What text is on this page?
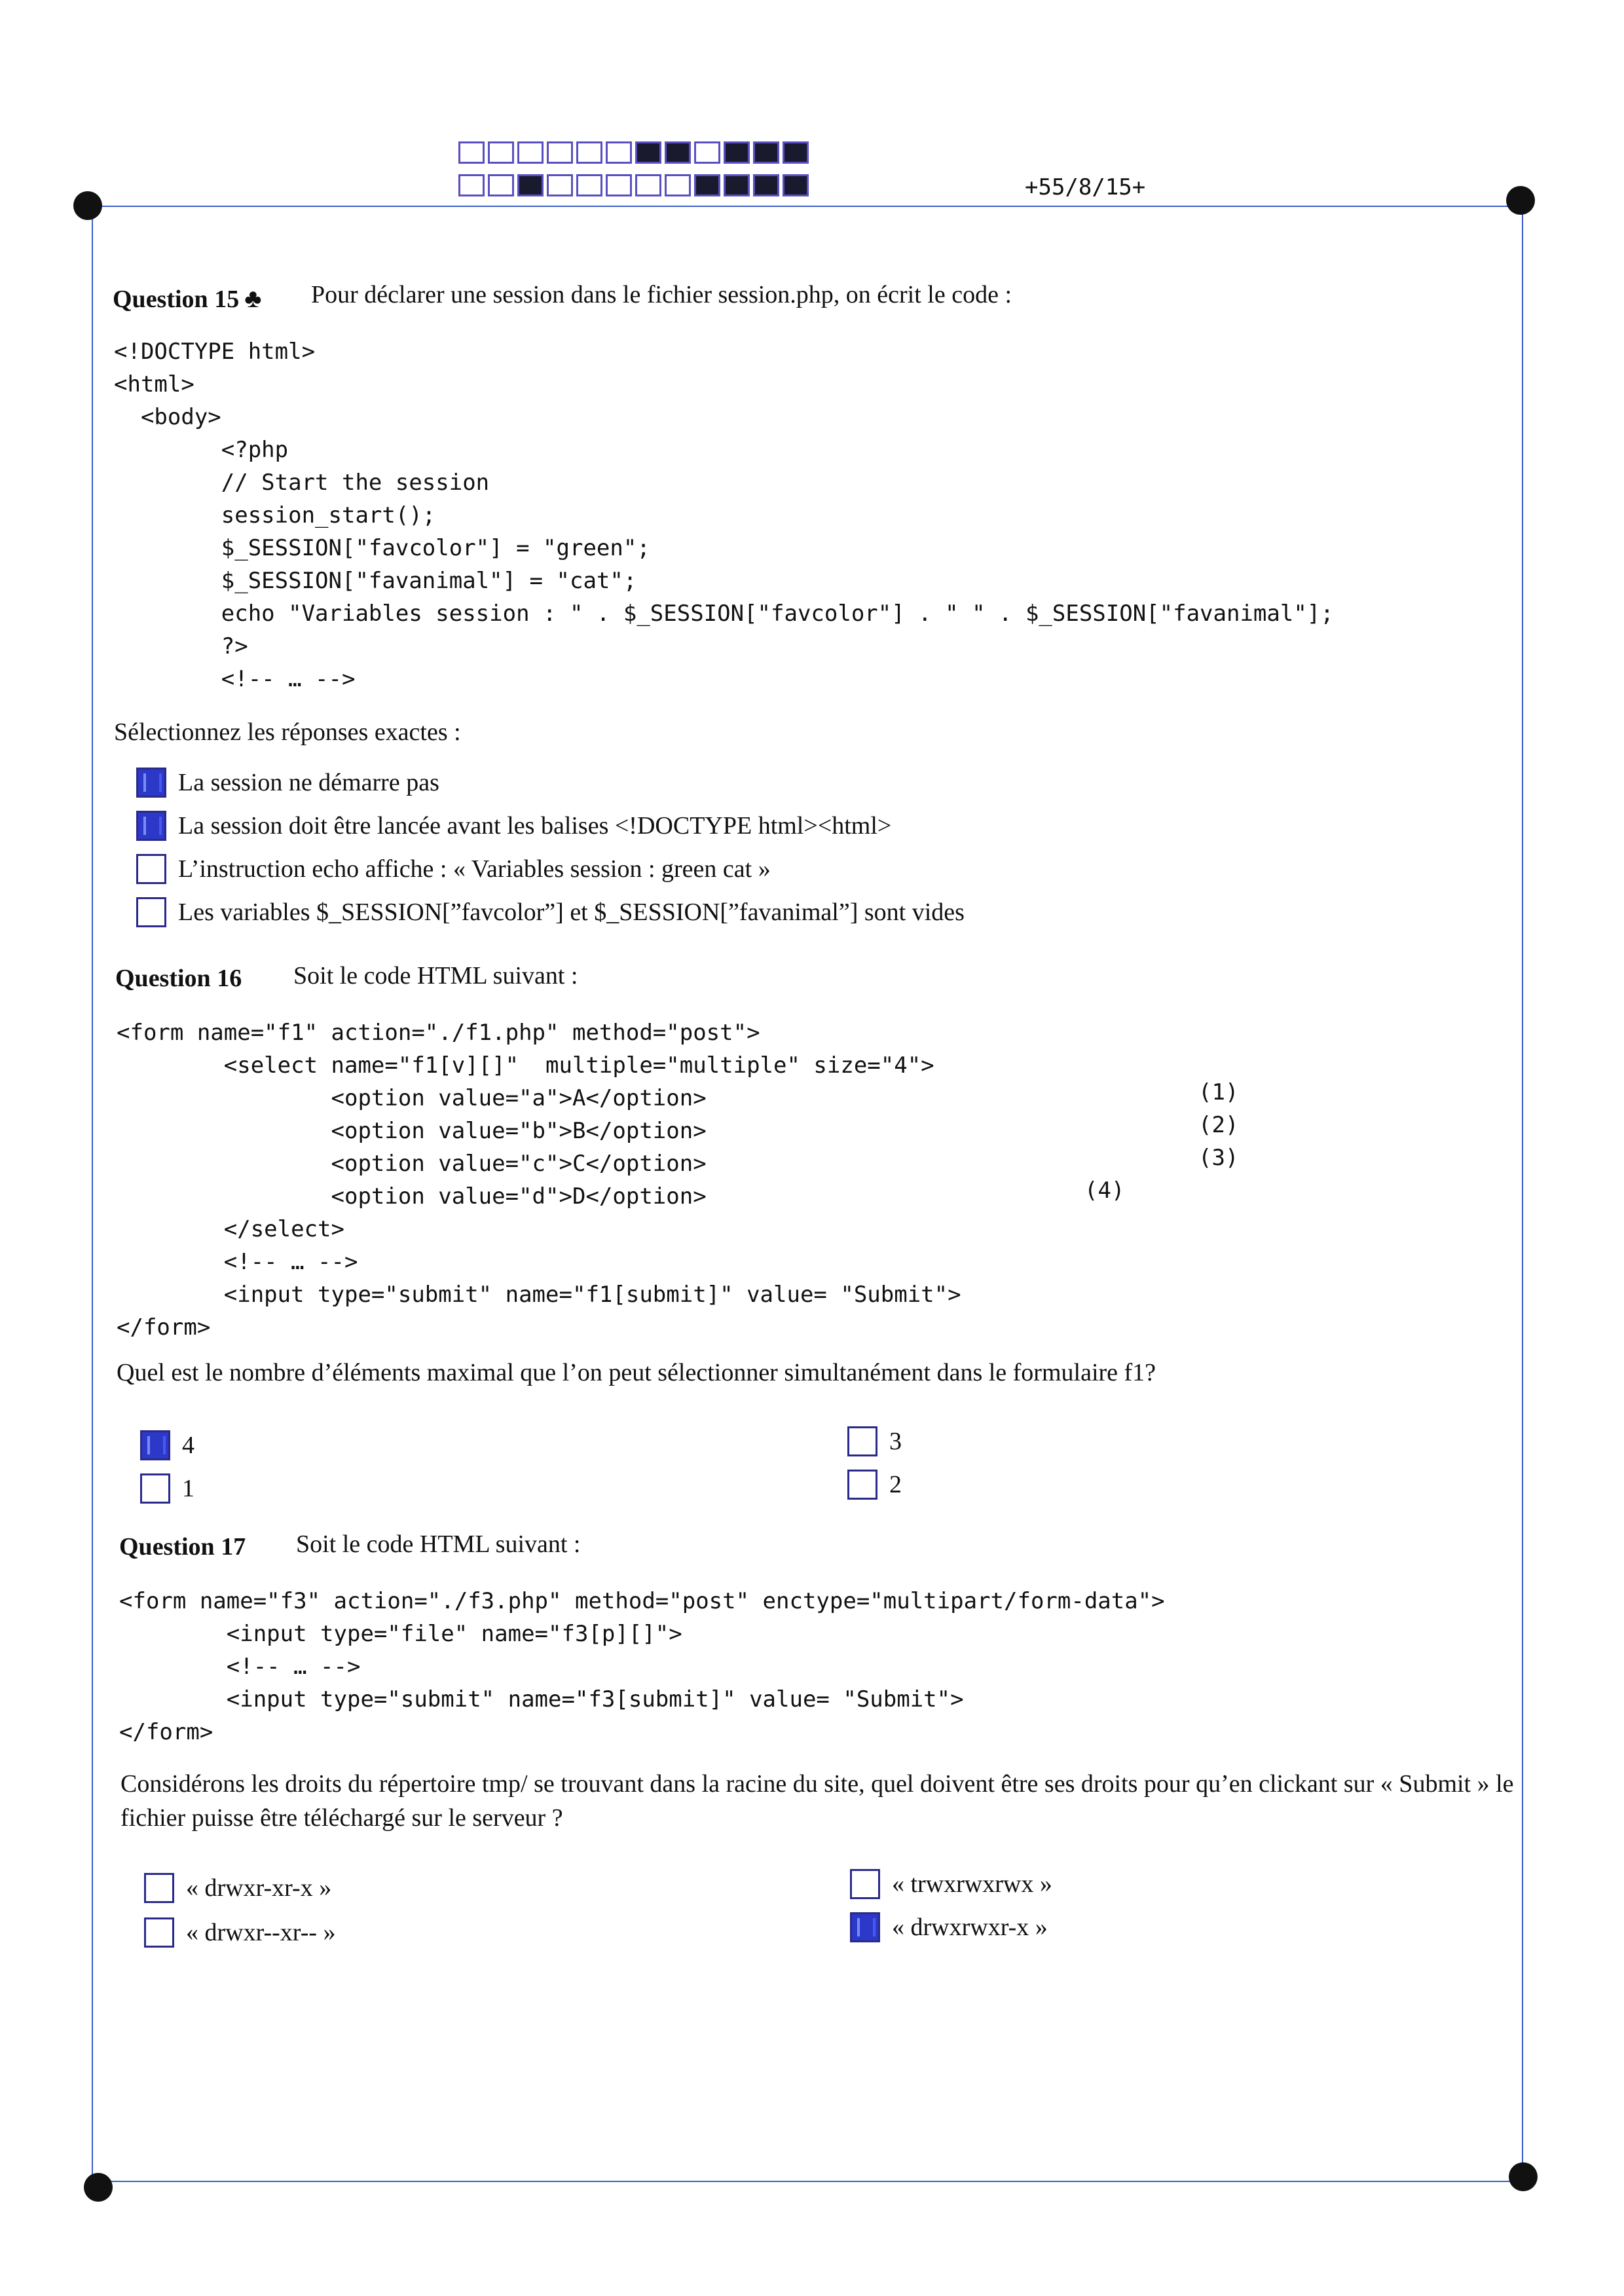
+55/8/15+
Question 15 ♣ Pour déclarer une session dans le fichier session.php, on écrit le code :
<!DOCTYPE html>
<html>
<body>
<?php
// Start the session
session_start();
$_SESSION["favcolor"] = "green";
$_SESSION["favanimal"] = "cat";
echo "Variables session : " . $_SESSION["favcolor"] . " " . $_SESSION["favanimal"];
?>
<!-- … -->
Sélectionnez les réponses exactes :
La session ne démarre pas
La session doit être lancée avant les balises <!DOCTYPE html><html>
L’instruction echo affiche : « Variables session : green cat »
Les variables $_SESSION[”favcolor”] et $_SESSION[”favanimal”] sont vides
Question 16 Soit le code HTML suivant :
<form name="f1" action="./f1.php" method="post">
<select name="f1[v][]"  multiple="multiple" size="4">
<option value="a">A</option>
<option value="b">B</option>
<option value="c">C</option>
<option value="d">D</option>
</select>
<!-- … -->
<input type="submit" name="f1[submit]" value= "Submit">
</form>
(1)
(2)
(3)
(4)
Quel est le nombre d’éléments maximal que l’on peut sélectionner simultanément dans le formulaire f1?
4	3
1	2
Question 17 Soit le code HTML suivant :
<form name="f3" action="./f3.php" method="post" enctype="multipart/form-data">
<input type="file" name="f3[p][]">
<!-- … -->
<input type="submit" name="f3[submit]" value= "Submit">
</form>
Considérons les droits du répertoire tmp/ se trouvant dans la racine du site, quel doivent être ses droits pour qu’en clickant sur « Submit » le fichier puisse être téléchargé sur le serveur ?
« drwxr-xr-x »	« trwxrwxrwx »
« drwxr--xr-- »	« drwxrwxr-x »
